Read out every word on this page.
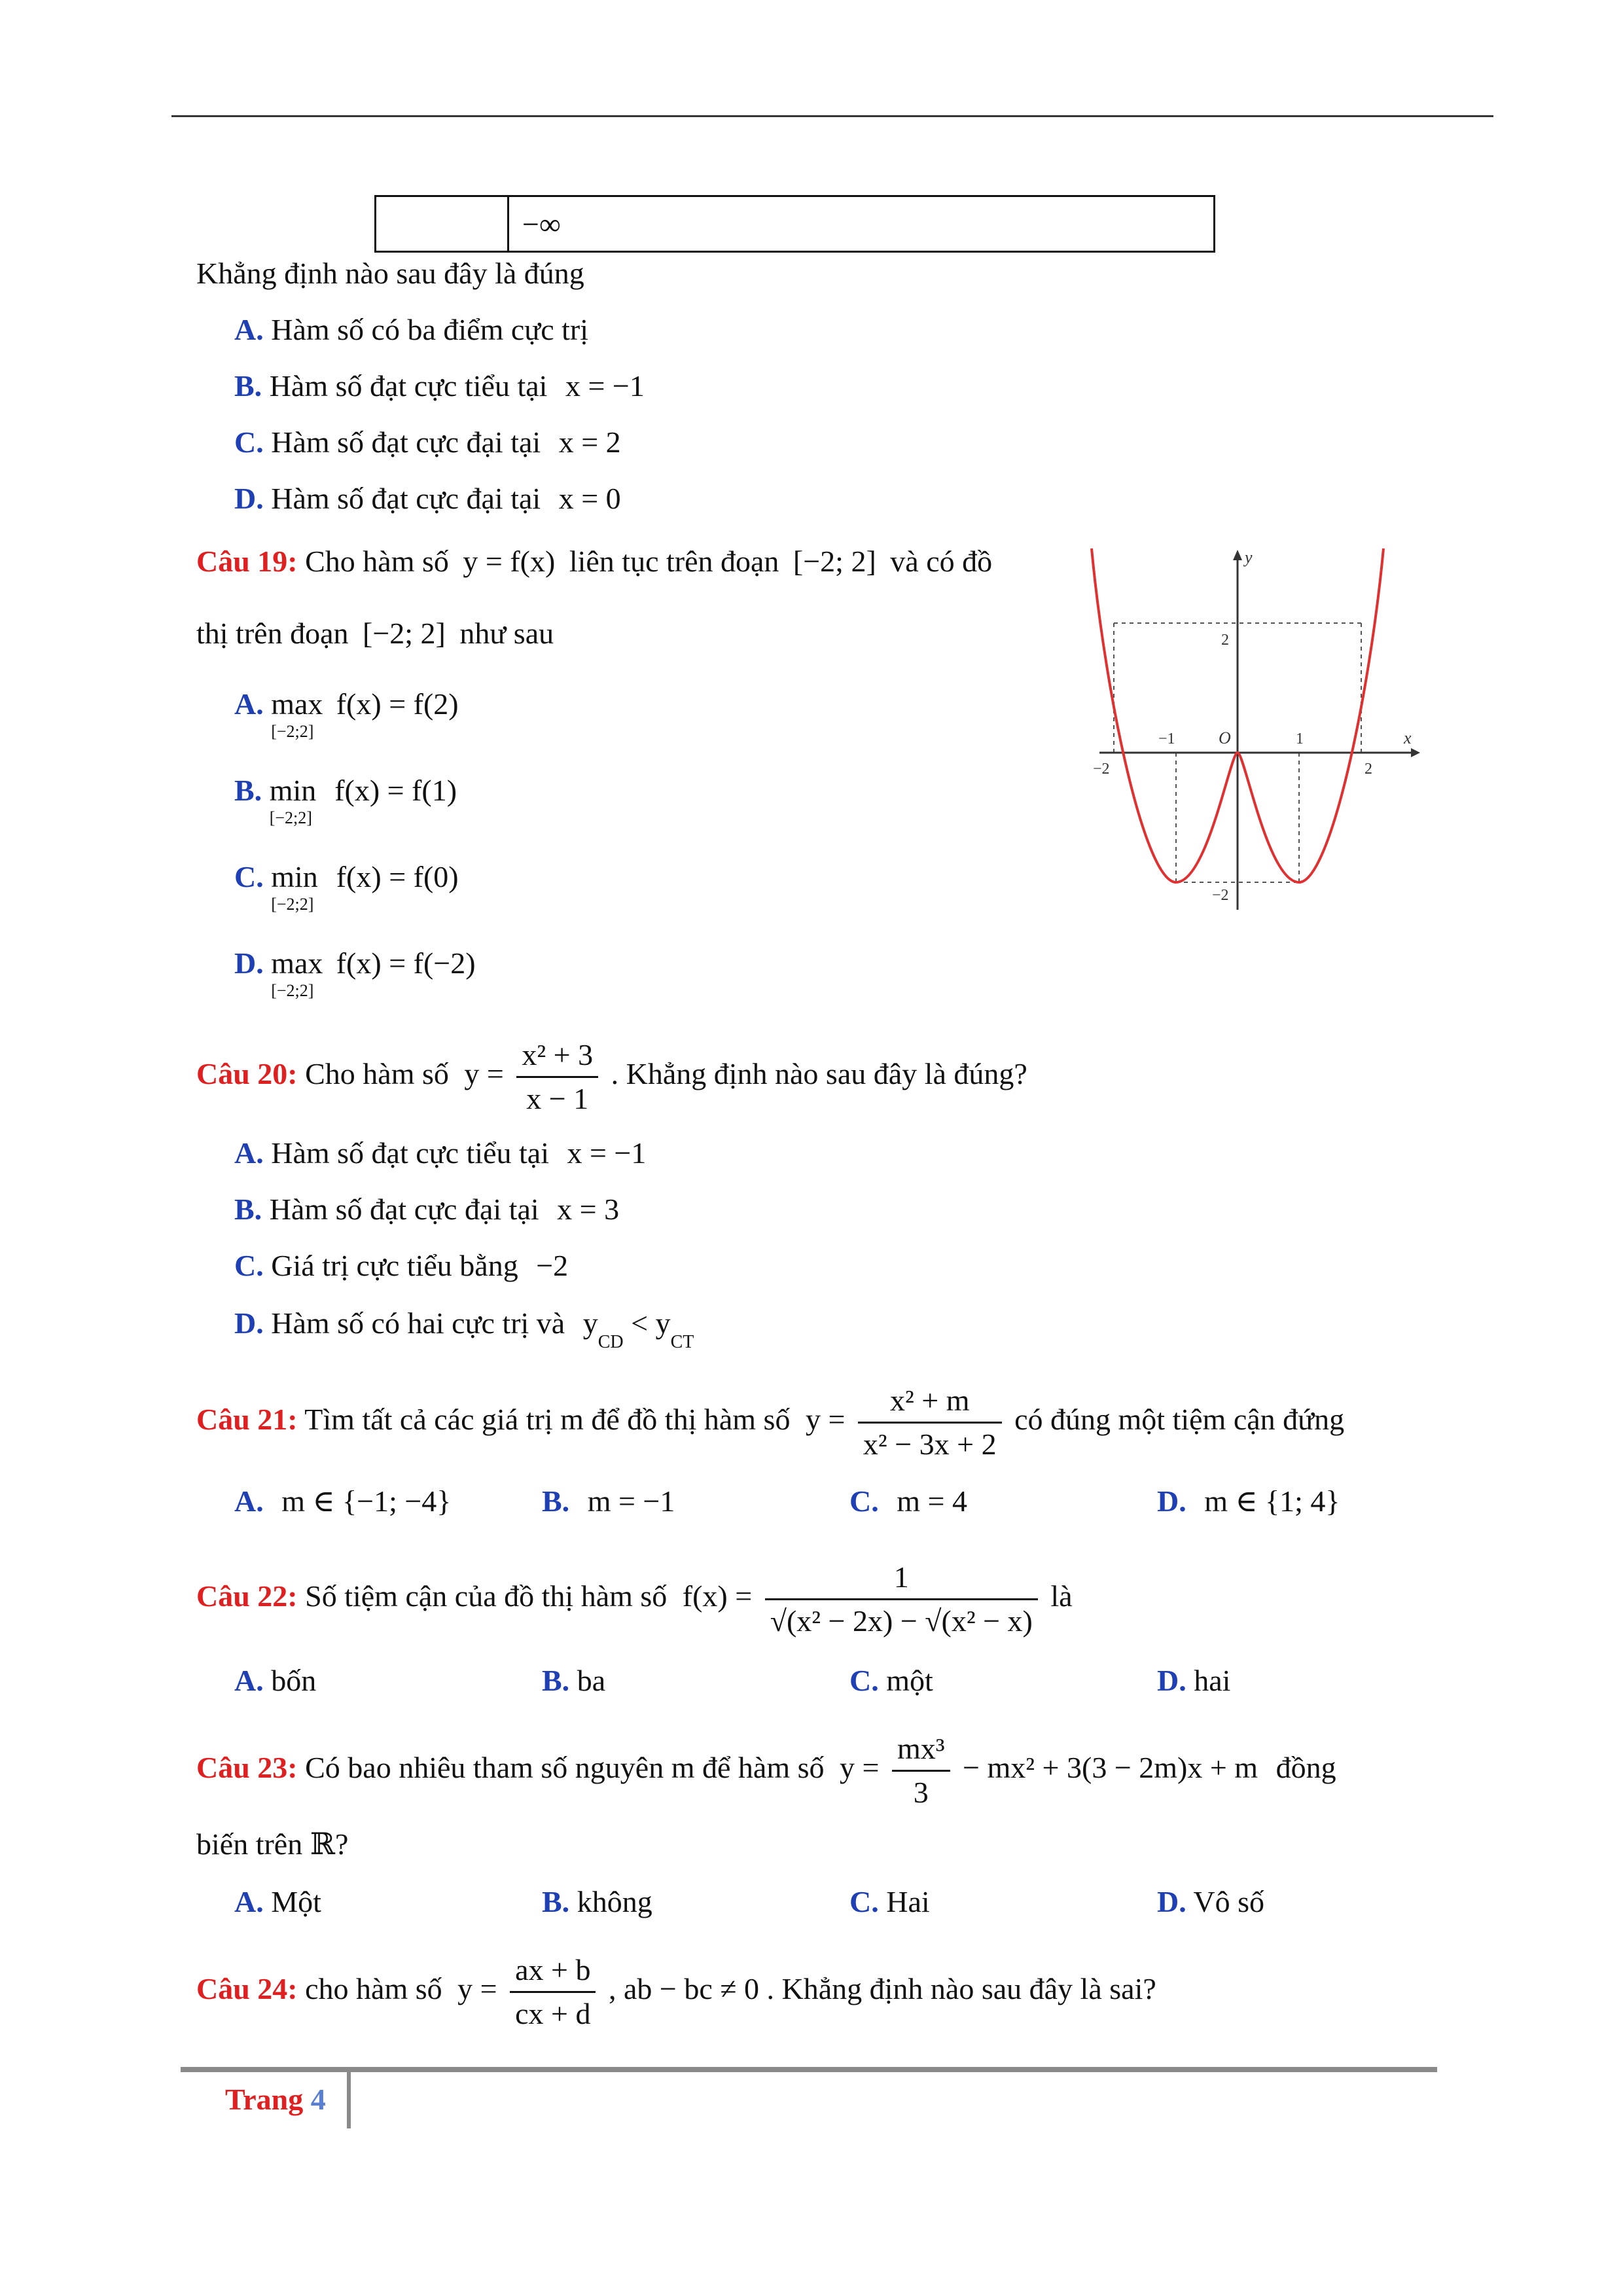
	−∞
Khẳng định nào sau đây là đúng
A. Hàm số có ba điểm cực trị
B. Hàm số đạt cực tiểu tại x = −1
C. Hàm số đạt cực đại tại x = 2
D. Hàm số đạt cực đại tại x = 0
Câu 19: Cho hàm số y = f(x) liên tục trên đoạn [−2; 2] và có đồ
thị trên đoạn [−2; 2] như sau
A. max
[−2;2]
f(x) = f(2)
B. min
[−2;2]
f(x) = f(1)
C. min
[−2;2]
f(x) = f(0)
D. max
[−2;2]
f(x) = f(−2)
y
x
O
−2
−1	1
2
2
−2
Câu 20: Cho hàm số $y = \frac{\text{x² + 3}}{x - 1}$ . Khẳng định nào sau đây là đúng?
A. Hàm số đạt cực tiểu tại x = −1
B. Hàm số đạt cực đại tại x = 3
C. Giá trị cực tiểu bằng −2
D. Hàm số có hai cực trị và yCD < yCT
Câu 21: Tìm tất cả các giá trị m để đồ thị hàm số $y = \frac{\text{x² + m}}{\text{x² − 3x + 2}}$ có đúng một tiệm cận đứng
A. m ∈ {−1; −4}	B. m = −1	C. m = 4	D. m ∈ {1; 4}
Câu 22: Số tiệm cận của đồ thị hàm số $f(x) = \frac{1}{\text{√(x² − 2x) − √(x² − x)}}$ là
A. bốn	B. ba	C. một	D. hai
Câu 23: Có bao nhiêu tham số nguyên m để hàm số $y = \frac{\text{mx³}}{3} - mx^2 + 3(3 - 2m)x + m$ đồng
biến trên ℝ?
A. Một	B. không	C. Hai	D. Vô số
Câu 24: cho hàm số $y = \frac{ax + b}{cx + d}$ , ab − bc ≠ 0 . Khẳng định nào sau đây là sai?
Trang 4
